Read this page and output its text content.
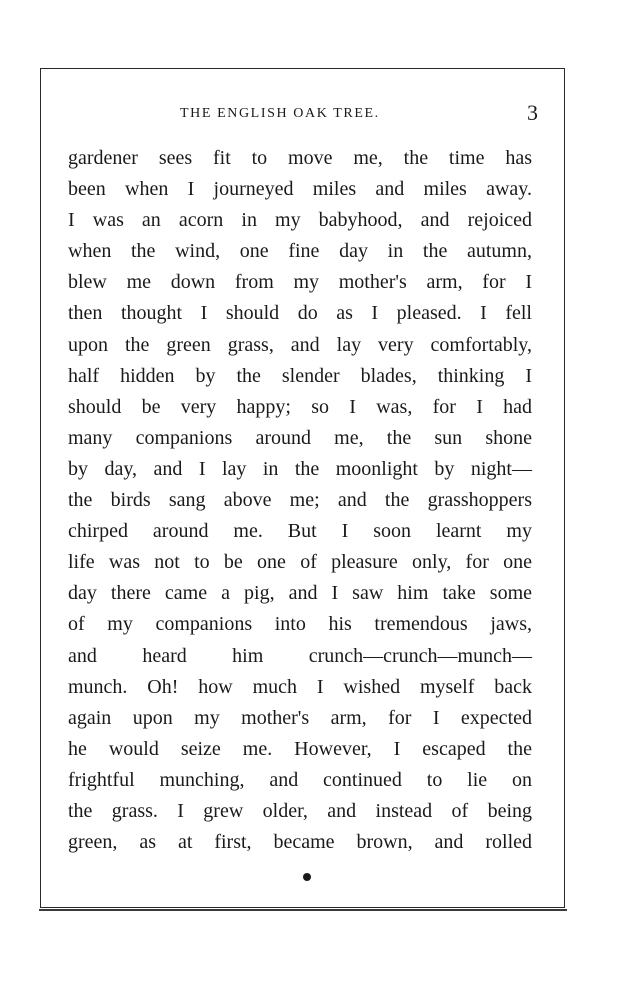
THE ENGLISH OAK TREE.	3
gardener sees fit to move me, the time has
been when I journeyed miles and miles away.
I was an acorn in my babyhood, and rejoiced
when the wind, one fine day in the autumn,
blew me down from my mother's arm, for I
then thought I should do as I pleased. I fell
upon the green grass, and lay very comfortably,
half hidden by the slender blades, thinking I
should be very happy; so I was, for I had
many companions around me, the sun shone
by day, and I lay in the moonlight by night—
the birds sang above me; and the grasshoppers
chirped around me. But I soon learnt my
life was not to be one of pleasure only, for one
day there came a pig, and I saw him take some
of my companions into his tremendous jaws,
and heard him crunch—crunch—munch—
munch. Oh! how much I wished myself back
again upon my mother's arm, for I expected
he would seize me. However, I escaped the
frightful munching, and continued to lie on
the grass. I grew older, and instead of being
green, as at first, became brown, and rolled
